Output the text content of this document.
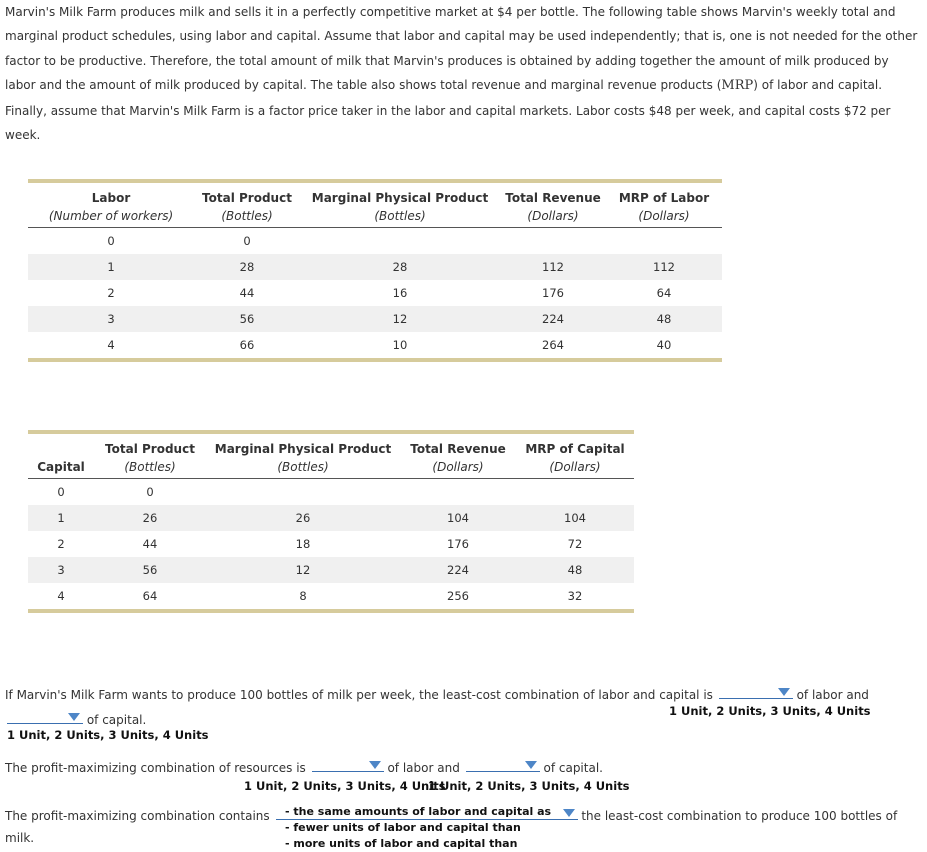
Marvin's Milk Farm produces milk and sells it in a perfectly competitive market at $4 per bottle. The following table shows Marvin's weekly total and marginal product schedules, using labor and capital. Assume that labor and capital may be used independently; that is, one is not needed for the other factor to be productive. Therefore, the total amount of milk that Marvin's produces is obtained by adding together the amount of milk produced by labor and the amount of milk produced by capital. The table also shows total revenue and marginal revenue products (MRP) of labor and capital. Finally, assume that Marvin's Milk Farm is a factor price taker in the labor and capital markets. Labor costs $48 per week, and capital costs $72 per week.

Labor	Total Product	Marginal Physical Product	Total Revenue	MRP of Labor
(Number of workers)	(Bottles)	(Bottles)	(Dollars)	(Dollars)
0	0			
1	28	28	112	112
2	44	16	176	64
3	56	12	224	48
4	66	10	264	40

	Total Product	Marginal Physical Product	Total Revenue	MRP of Capital
Capital	(Bottles)	(Bottles)	(Dollars)	(Dollars)
0	0			
1	26	26	104	104
2	44	18	176	72
3	56	12	224	48
4	64	8	256	32

If Marvin's Milk Farm wants to produce 100 bottles of milk per week, the least-cost combination of labor and capital is	of labor and

1 Unit, 2 Units, 3 Units, 4 Units

of capital.

1 Unit, 2 Units, 3 Units, 4 Units

The profit-maximizing combination of resources is	of labor and	of capital.

1 Unit, 2 Units, 3 Units, 4 Units
1 Unit, 2 Units, 3 Units, 4 Units

The profit-maximizing combination contains	the least-cost combination to produce 100 bottles of

- the same amounts of labor and capital as
- fewer units of labor and capital than
- more units of labor and capital than

milk.
